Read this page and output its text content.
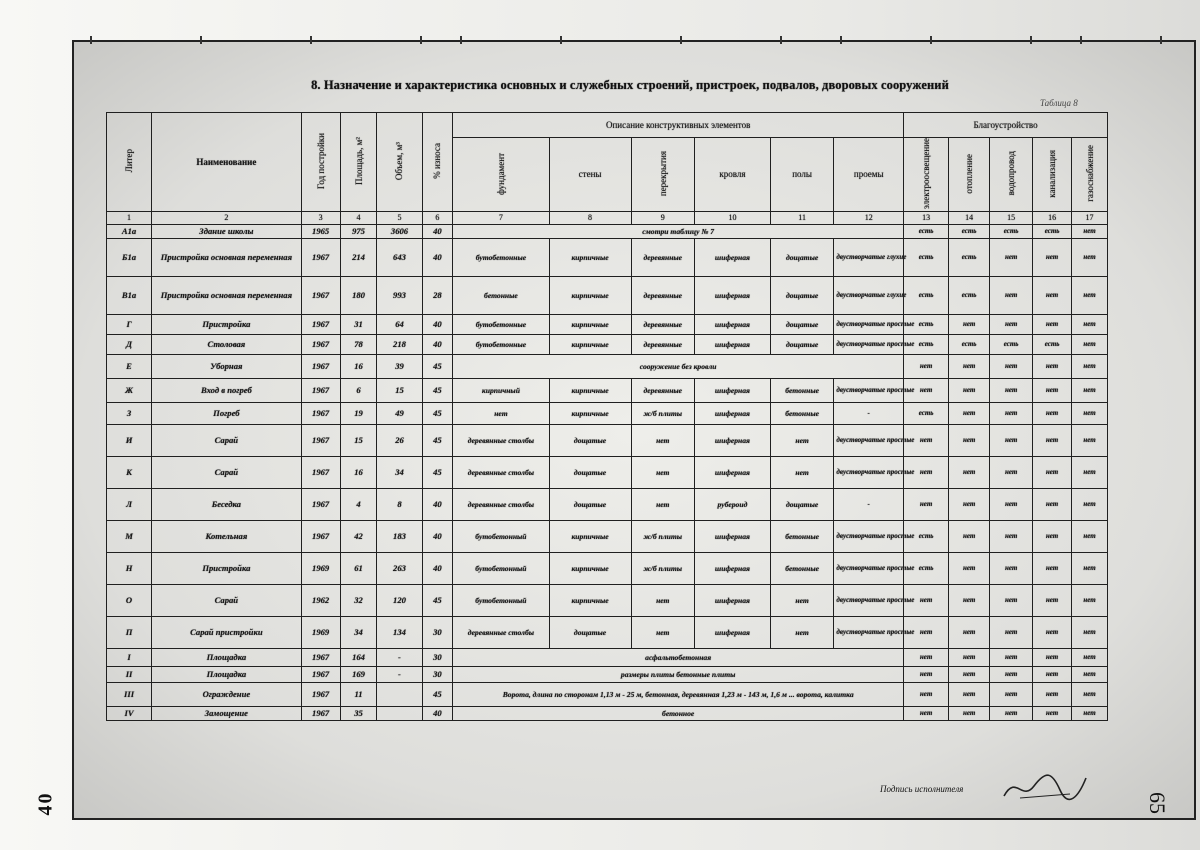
8. Назначение и характеристика основных и служебных строений, пристроек, подвалов, дворовых сооружений
Таблица 8
Литер	Наименование	Год постройки	Площадь, м²	Объем, м³	% износа	Описание конструктивных элементов						Благоустройство				
						фундамент	стены	перекрытия	кровля	полы	проемы	электроосвещение	отопление	водопровод	канализация	газоснабжение
1	2	3	4	5	6	7	8	9	10	11	12	13	14	15	16	17
А1а	Здание школы	1965	975	3606	40	смотри таблицу № 7						есть	есть	есть	есть	нет
Б1а	Пристройка основная переменная	1967	214	643	40	бутобетонные	кирпичные	деревянные	шиферная	дощатые	двустворчатые глухие	есть	есть	нет	нет	нет
В1а	Пристройка основная переменная	1967	180	993	28	бетонные	кирпичные	деревянные	шиферная	дощатые	двустворчатые глухие	есть	есть	нет	нет	нет
Г	Пристройка	1967	31	64	40	бутобетонные	кирпичные	деревянные	шиферная	дощатые	двустворчатые простые	есть	нет	нет	нет	нет
Д	Столовая	1967	78	218	40	бутобетонные	кирпичные	деревянные	шиферная	дощатые	двустворчатые простые	есть	есть	есть	есть	нет
Е	Уборная	1967	16	39	45	сооружение без кровли						нет	нет	нет	нет	нет
Ж	Вход в погреб	1967	6	15	45	кирпичный	кирпичные	деревянные	шиферная	бетонные	двустворчатые простые	нет	нет	нет	нет	нет
З	Погреб	1967	19	49	45	нет	кирпичные	ж/б плиты	шиферная	бетонные	-	есть	нет	нет	нет	нет
И	Сарай	1967	15	26	45	деревянные столбы	дощатые	нет	шиферная	нет	двустворчатые простые	нет	нет	нет	нет	нет
К	Сарай	1967	16	34	45	деревянные столбы	дощатые	нет	шиферная	нет	двустворчатые простые	нет	нет	нет	нет	нет
Л	Беседка	1967	4	8	40	деревянные столбы	дощатые	нет	рубероид	дощатые	-	нет	нет	нет	нет	нет
М	Котельная	1967	42	183	40	бутобетонный	кирпичные	ж/б плиты	шиферная	бетонные	двустворчатые простые	есть	нет	нет	нет	нет
Н	Пристройка	1969	61	263	40	бутобетонный	кирпичные	ж/б плиты	шиферная	бетонные	двустворчатые простые	есть	нет	нет	нет	нет
О	Сарай	1962	32	120	45	бутобетонный	кирпичные	нет	шиферная	нет	двустворчатые простые	нет	нет	нет	нет	нет
П	Сарай пристройки	1969	34	134	30	деревянные столбы	дощатые	нет	шиферная	нет	двустворчатые простые	нет	нет	нет	нет	нет
I	Площадка	1967	164	-	30	асфальтобетонная						нет	нет	нет	нет	нет
II	Площадка	1967	169	-	30	размеры плиты бетонные плиты						нет	нет	нет	нет	нет
III	Ограждение	1967	11		45	Ворота, длина по сторонам 1,13 м - 25 м, бетонная, деревянная 1,23 м - 143 м, 1,6 м ... ворота, калитка						нет	нет	нет	нет	нет
IV	Замощение	1967	35		40	бетонное						нет	нет	нет	нет	нет
Подпись исполнителя
40	65
